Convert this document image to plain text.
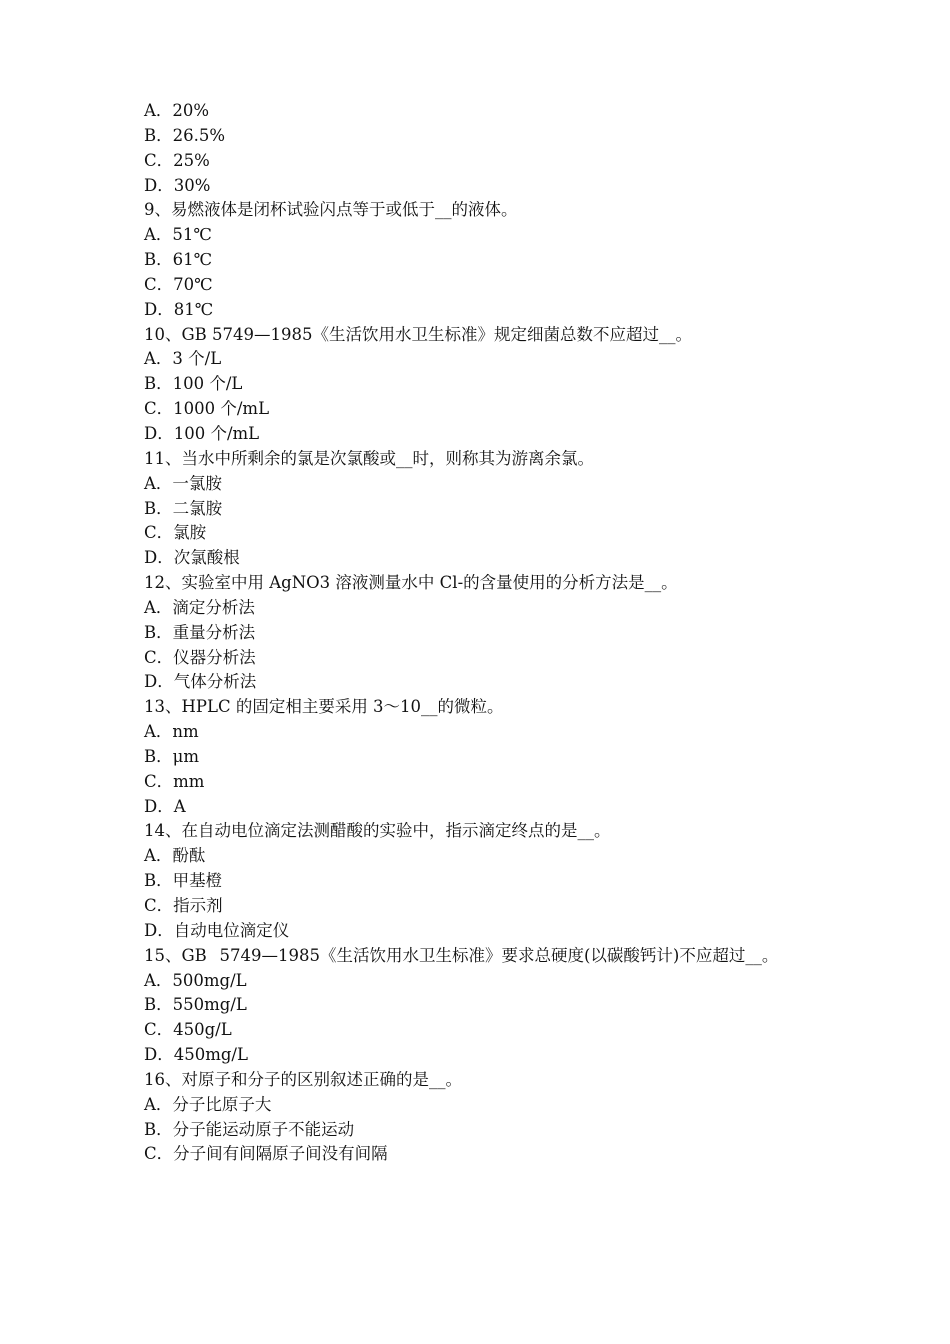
A．20%
B．26.5%
C．25%
D．30%
9、易燃液体是闭杯试验闪点等于或低于__的液体。
A．51℃
B．61℃
C．70℃
D．81℃
10、GB 5749—1985《生活饮用水卫生标准》规定细菌总数不应超过__。
A．3 个/L
B．100 个/L
C．1000 个/mL
D．100 个/mL
11、当水中所剩余的氯是次氯酸或__时，则称其为游离余氯。
A．一氯胺
B．二氯胺
C．氯胺
D．次氯酸根
12、实验室中用 AgNO3 溶液测量水中 Cl-的含量使用的分析方法是__。
A．滴定分析法
B．重量分析法
C．仪器分析法
D．气体分析法
13、HPLC 的固定相主要采用 3～10__的微粒。
A．nm
B．μm
C．mm
D．A
14、在自动电位滴定法测醋酸的实验中，指示滴定终点的是__。
A．酚酞
B．甲基橙
C．指示剂
D．自动电位滴定仪
15、GB 5749—1985《生活饮用水卫生标准》要求总硬度(以碳酸钙计)不应超过__。
A．500mg/L
B．550mg/L
C．450g/L
D．450mg/L
16、对原子和分子的区别叙述正确的是__。
A．分子比原子大
B．分子能运动原子不能运动
C．分子间有间隔原子间没有间隔
